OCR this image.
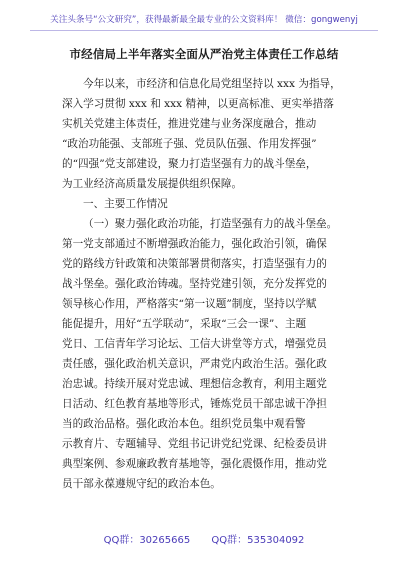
关注头条号“公文研究”，获得最新最全最专业的公文资料库！ 微信：gongwenyj
市经信局上半年落实全面从严治党主体责任工作总结

今年以来，市经济和信息化局党组坚持以 xxx 为指导，
深入学习贯彻 xxx 和 xxx 精神，以更高标准、更实举措落
实机关党建主体责任，推进党建与业务深度融合，推动
“政治功能强、支部班子强、党员队伍强、作用发挥强”
的“四强”党支部建设，聚力打造坚强有力的战斗堡垒，
为工业经济高质量发展提供组织保障。

一、主要工作情况

（一）聚力强化政治功能，打造坚强有力的战斗堡垒。
第一党支部通过不断增强政治能力，强化政治引领，确保
党的路线方针政策和决策部署贯彻落实，打造坚强有力的
战斗堡垒。强化政治铸魂。坚持党建引领，充分发挥党的
领导核心作用，严格落实“第一议题”制度，坚持以学赋
能促提升，用好“五学联动”，采取“三会一课”、主题
党日、工信青年学习论坛、工信大讲堂等方式，增强党员
责任感，强化政治机关意识，严肃党内政治生活。强化政
治忠诚。持续开展对党忠诚、理想信念教育，利用主题党
日活动、红色教育基地等形式，锤炼党员干部忠诚干净担
当的政治品格。强化政治本色。组织党员集中观看警
示教育片、专题辅导、党组书记讲党纪党课、纪检委员讲
典型案例、参观廉政教育基地等，强化震慑作用，推动党
员干部永葆遵规守纪的政治本色。

QQ群：30265665 QQ群：535304092
